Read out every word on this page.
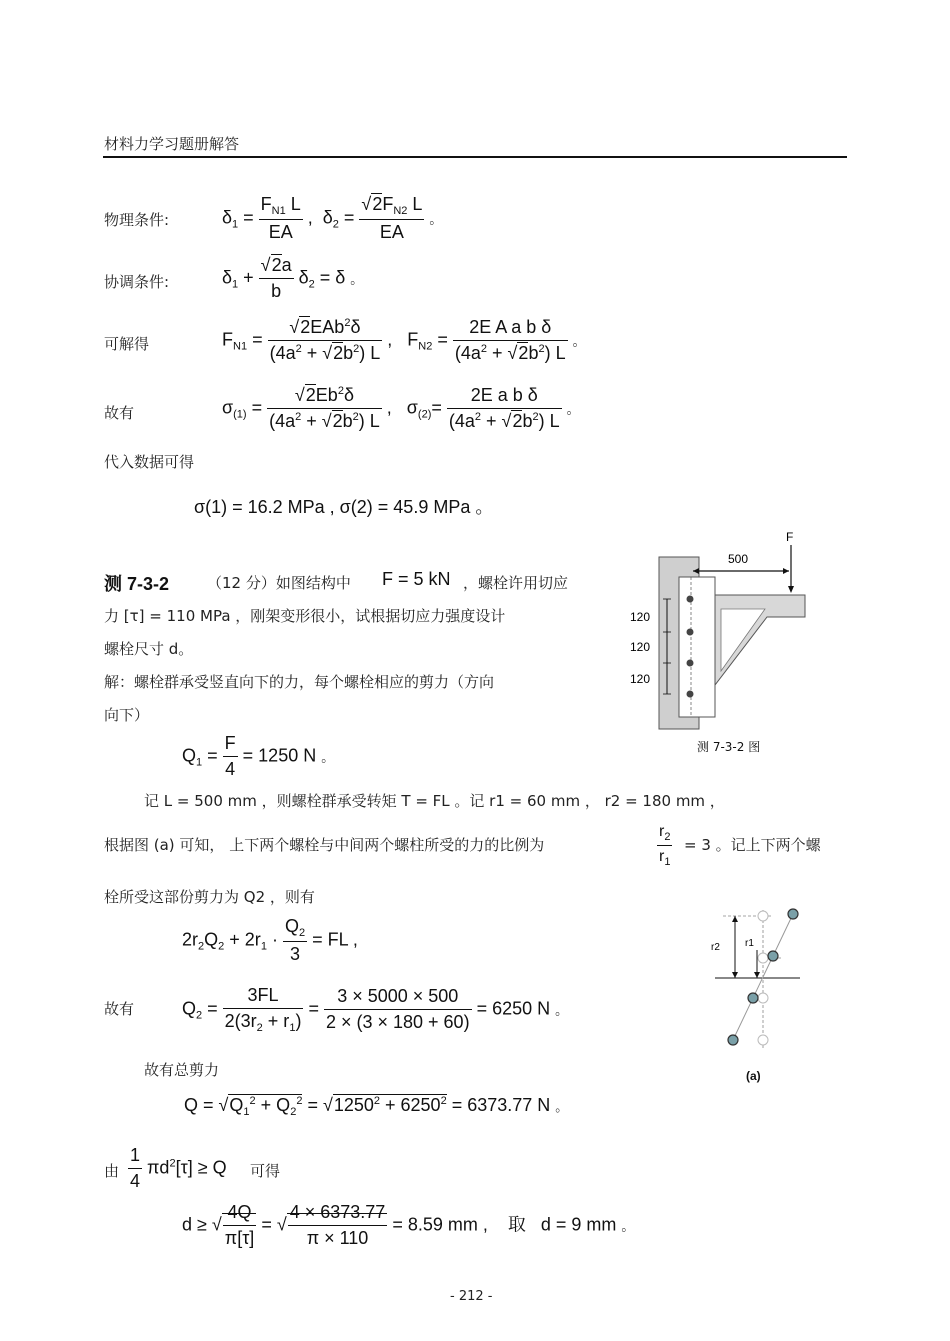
材料力学习题册解答
物理条件:	$\delta_1 = \frac{F_{N1} L}{EA}$ ,  $\delta_2 = \frac{√2F_{N2} L}{EA}$ 。
协调条件:	$\delta_1 + \frac{√2a}{b} \delta_2 = \delta$ 。
可解得	$F_{N1} = \frac{√2EAb^2\delta}{(4a^2 + √2b^2) L}$ ,   $F_{N2} = \frac{\text{2E A a b δ}}{(4a^2 + √2b^2) L}$ 。
故有	$\sigma_{(1)} = \frac{√2Eb^2\delta}{(4a^2 + √2b^2) L}$ ,   $\sigma_{(2)}= \frac{\text{2E a b δ}}{(4a^2 + √2b^2) L}$ 。
代入数据可得
σ(1) = 16.2 MPa , σ(2) = 45.9 MPa 。
测 7-3-2	（12 分）如图结构中 F = 5 kN ，螺栓许用切应
力 [τ] = 110 MPa ，刚架变形很小，试根据切应力强度设计
螺栓尺寸 d。
解：螺栓群承受竖直向下的力，每个螺栓相应的剪力（方向
向下）
$Q_1 = \frac{F}{4} = 1250$ N 。
记 L = 500 mm ，则螺栓群承受转矩 T = FL 。记 r1 = 60 mm ， r2 = 180 mm ，
根据图 (a) 可知， 上下两个螺栓与中间两个螺柱所受的力的比例为	$\frac{r_2}{r_1} = 3$ 。记上下两个螺
栓所受这部份剪力为 Q2 ，则有
$2r_2Q_2 + 2r_1 \cdot \frac{Q_2}{3}$ = FL ,
故有	$Q_2 = \frac{3FL}{2(3r_2 + r_1)} = \frac{3 \times 5000 \times 500}{2 \times (3 \times 180 + 60)} = 6250$ N 。
故有总剪力
$Q = √Q_1^2 + Q_2^2 = √1250^2 + 6250^2 = 6373.77$ N 。
由 $\frac{1}{4} \pi d^2[\tau] \ge Q$ 可得
d ≥ √ $\frac{4Q}{\pi[\tau]}$ = √ $\frac{4 \times 6373.77}{\pi \times 110} = 8.59$ mm ,    取   d = 9 mm 。
- 212 -
F
500
120
120
120
测 7-3-2 图
r2	r1
(a)
